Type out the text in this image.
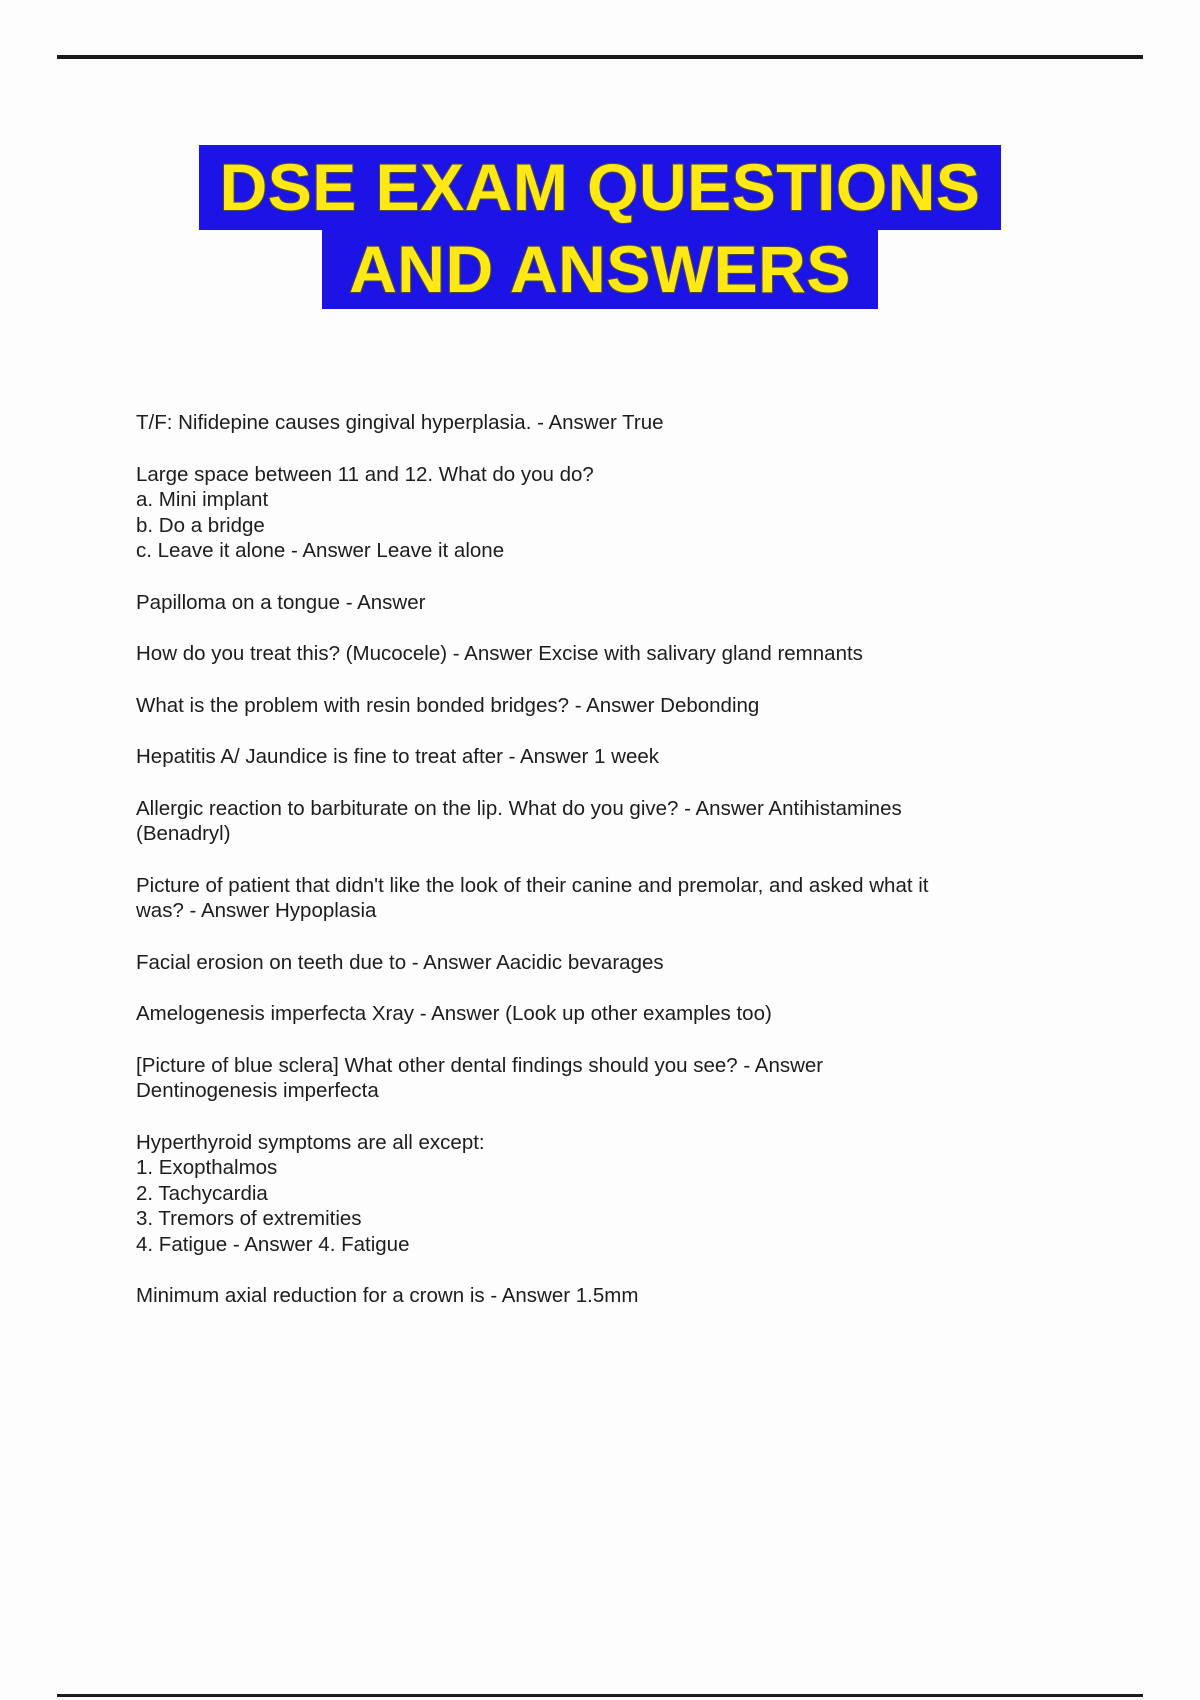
DSE EXAM QUESTIONS
AND ANSWERS

T/F: Nifidepine causes gingival hyperplasia. - Answer True

Large space between 11 and 12. What do you do?
a. Mini implant
b. Do a bridge
c. Leave it alone - Answer Leave it alone

Papilloma on a tongue - Answer

How do you treat this? (Mucocele) - Answer Excise with salivary gland remnants

What is the problem with resin bonded bridges? - Answer Debonding

Hepatitis A/ Jaundice is fine to treat after - Answer 1 week

Allergic reaction to barbiturate on the lip. What do you give? - Answer Antihistamines
(Benadryl)

Picture of patient that didn't like the look of their canine and premolar, and asked what it
was? - Answer Hypoplasia

Facial erosion on teeth due to - Answer Aacidic bevarages

Amelogenesis imperfecta Xray - Answer (Look up other examples too)

[Picture of blue sclera] What other dental findings should you see? - Answer
Dentinogenesis imperfecta

Hyperthyroid symptoms are all except:
1. Exopthalmos
2. Tachycardia
3. Tremors of extremities
4. Fatigue - Answer 4. Fatigue

Minimum axial reduction for a crown is - Answer 1.5mm
